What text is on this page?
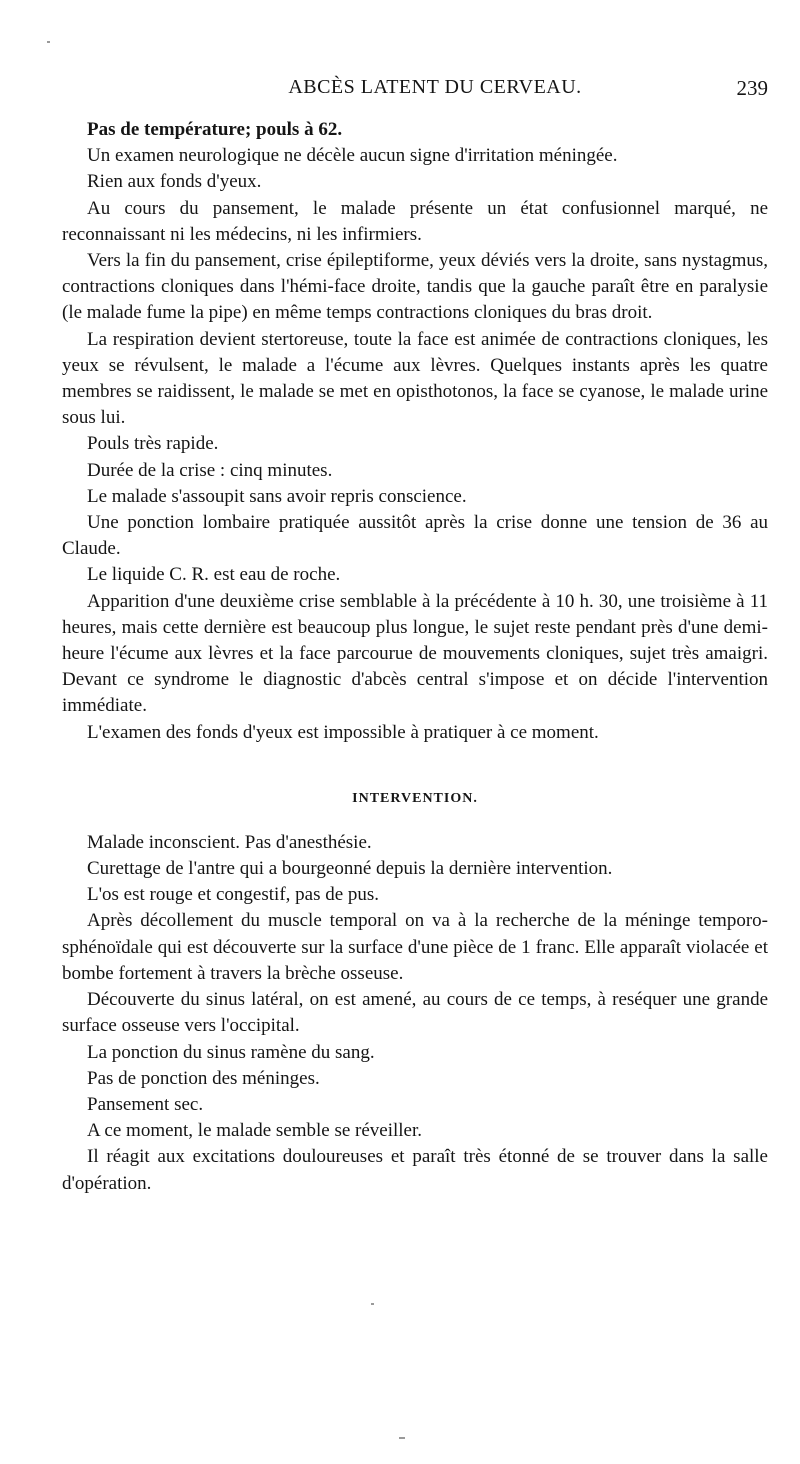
ABCÈS LATENT DU CERVEAU.	239

Pas de température; pouls à 62.

Un examen neurologique ne décèle aucun signe d'irritation méningée.

Rien aux fonds d'yeux.

Au cours du pansement, le malade présente un état confusionnel marqué, ne reconnaissant ni les médecins, ni les infirmiers.

Vers la fin du pansement, crise épileptiforme, yeux déviés vers la droite, sans nystagmus, contractions cloniques dans l'hémi-face droite, tandis que la gauche paraît être en paralysie (le malade fume la pipe) en même temps contractions cloniques du bras droit.

La respiration devient stertoreuse, toute la face est animée de contractions cloniques, les yeux se révulsent, le malade a l'écume aux lèvres. Quelques instants après les quatre membres se raidissent, le malade se met en opisthotonos, la face se cyanose, le malade urine sous lui.

Pouls très rapide.

Durée de la crise : cinq minutes.

Le malade s'assoupit sans avoir repris conscience.

Une ponction lombaire pratiquée aussitôt après la crise donne une tension de 36 au Claude.

Le liquide C. R. est eau de roche.

Apparition d'une deuxième crise semblable à la précédente à 10 h. 30, une troisième à 11 heures, mais cette dernière est beaucoup plus longue, le sujet reste pendant près d'une demi-heure l'écume aux lèvres et la face parcourue de mouvements cloniques, sujet très amaigri. Devant ce syndrome le diagnostic d'abcès central s'impose et on décide l'intervention immédiate.

L'examen des fonds d'yeux est impossible à pratiquer à ce moment.

INTERVENTION.

Malade inconscient. Pas d'anesthésie.

Curettage de l'antre qui a bourgeonné depuis la dernière intervention.

L'os est rouge et congestif, pas de pus.

Après décollement du muscle temporal on va à la recherche de la méninge temporo-sphénoïdale qui est découverte sur la surface d'une pièce de 1 franc. Elle apparaît violacée et bombe fortement à travers la brèche osseuse.

Découverte du sinus latéral, on est amené, au cours de ce temps, à reséquer une grande surface osseuse vers l'occipital.

La ponction du sinus ramène du sang.

Pas de ponction des méninges.

Pansement sec.

A ce moment, le malade semble se réveiller.

Il réagit aux excitations douloureuses et paraît très étonné de se trouver dans la salle d'opération.
